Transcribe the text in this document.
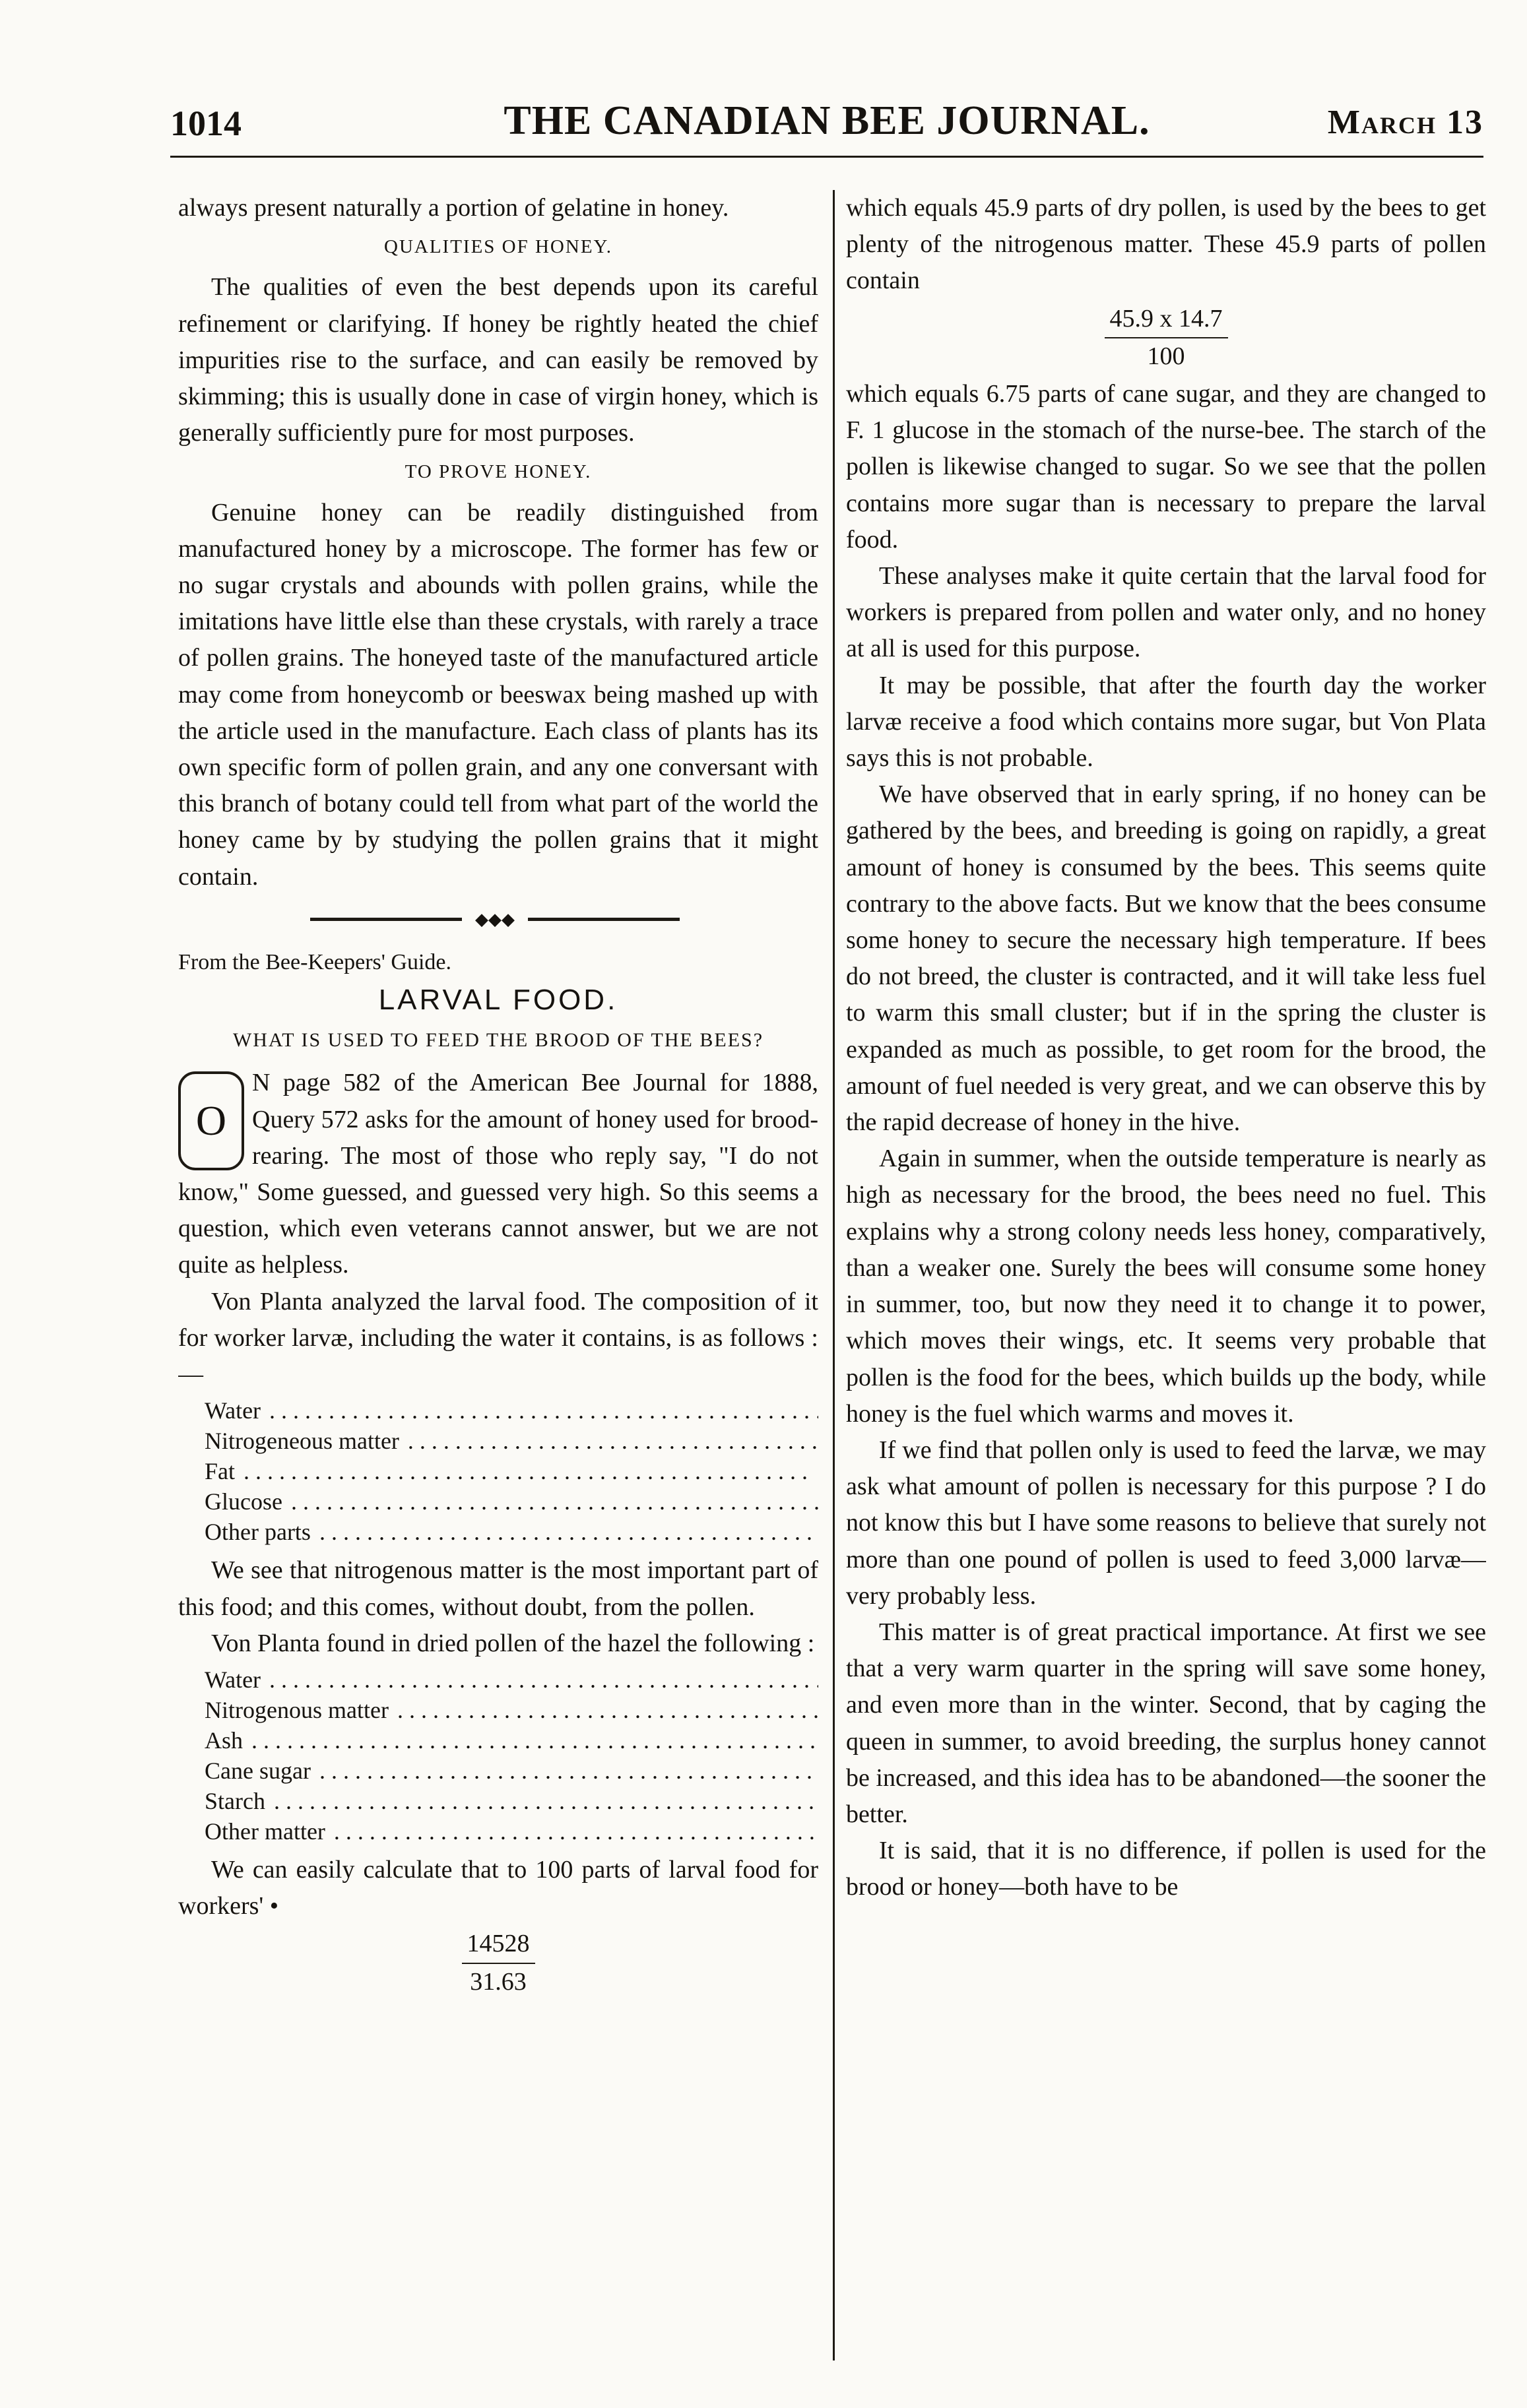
1014	THE CANADIAN BEE JOURNAL.	March 13

always present naturally a portion of gelatine in honey.

QUALITIES OF HONEY.

The qualities of even the best depends upon its careful refinement or clarifying. If honey be rightly heated the chief impurities rise to the surface, and can easily be removed by skimming; this is usually done in case of virgin honey, which is generally sufficiently pure for most purposes.

TO PROVE HONEY.

Genuine honey can be readily distinguished from manufactured honey by a microscope. The former has few or no sugar crystals and abounds with pollen grains, while the imitations have little else than these crystals, with rarely a trace of pollen grains. The honeyed taste of the manufactured article may come from honeycomb or beeswax being mashed up with the article used in the manufacture. Each class of plants has its own specific form of pollen grain, and any one conversant with this branch of botany could tell from what part of the world the honey came by by studying the pollen grains that it might contain.

◆◆◆
From the Bee-Keepers' Guide.
LARVAL FOOD.
WHAT IS USED TO FEED THE BROOD OF THE BEES?
O

N page 582 of the American Bee Journal for 1888, Query 572 asks for the amount of honey used for brood-rearing. The most of those who reply say, "I do not know," Some guessed, and guessed very high. So this seems a question, which even veterans cannot answer, but we are not quite as helpless.

Von Planta analyzed the larval food. The composition of it for worker larvæ, including the water it contains, is as follows :—

Water . . .	
Nitrogeneous matter . . .	
Fat . . .	
Glucose . . .	
Other parts . . .	

We see that nitrogenous matter is the most important part of this food; and this comes, without doubt, from the pollen.

Von Planta found in dried pollen of the hazel the following :

Water . . .	
Nitrogenous matter . . .	
Ash . . .	
Cane sugar . . .	
Starch . . .	
Other matter . . .	

We can easily calculate that to 100 parts of larval food for workers' •

14528
31.63

which equals 45.9 parts of dry pollen, is used by the bees to get plenty of the nitrogenous matter. These 45.9 parts of pollen contain

45.9 x 14.7
100

which equals 6.75 parts of cane sugar, and they are changed to F. 1 glucose in the stomach of the nurse-bee. The starch of the pollen is likewise changed to sugar. So we see that the pollen contains more sugar than is necessary to prepare the larval food.

These analyses make it quite certain that the larval food for workers is prepared from pollen and water only, and no honey at all is used for this purpose.

It may be possible, that after the fourth day the worker larvæ receive a food which contains more sugar, but Von Plata says this is not probable.

We have observed that in early spring, if no honey can be gathered by the bees, and breeding is going on rapidly, a great amount of honey is consumed by the bees. This seems quite contrary to the above facts. But we know that the bees consume some honey to secure the necessary high temperature. If bees do not breed, the cluster is contracted, and it will take less fuel to warm this small cluster; but if in the spring the cluster is expanded as much as possible, to get room for the brood, the amount of fuel needed is very great, and we can observe this by the rapid decrease of honey in the hive.

Again in summer, when the outside temperature is nearly as high as necessary for the brood, the bees need no fuel. This explains why a strong colony needs less honey, comparatively, than a weaker one. Surely the bees will consume some honey in summer, too, but now they need it to change it to power, which moves their wings, etc. It seems very probable that pollen is the food for the bees, which builds up the body, while honey is the fuel which warms and moves it.

If we find that pollen only is used to feed the larvæ, we may ask what amount of pollen is necessary for this purpose ? I do not know this but I have some reasons to believe that surely not more than one pound of pollen is used to feed 3,000 larvæ—very probably less.

This matter is of great practical importance. At first we see that a very warm quarter in the spring will save some honey, and even more than in the winter. Second, that by caging the queen in summer, to avoid breeding, the surplus honey cannot be increased, and this idea has to be abandoned—the sooner the better.

It is said, that it is no difference, if pollen is used for the brood or honey—both have to be
